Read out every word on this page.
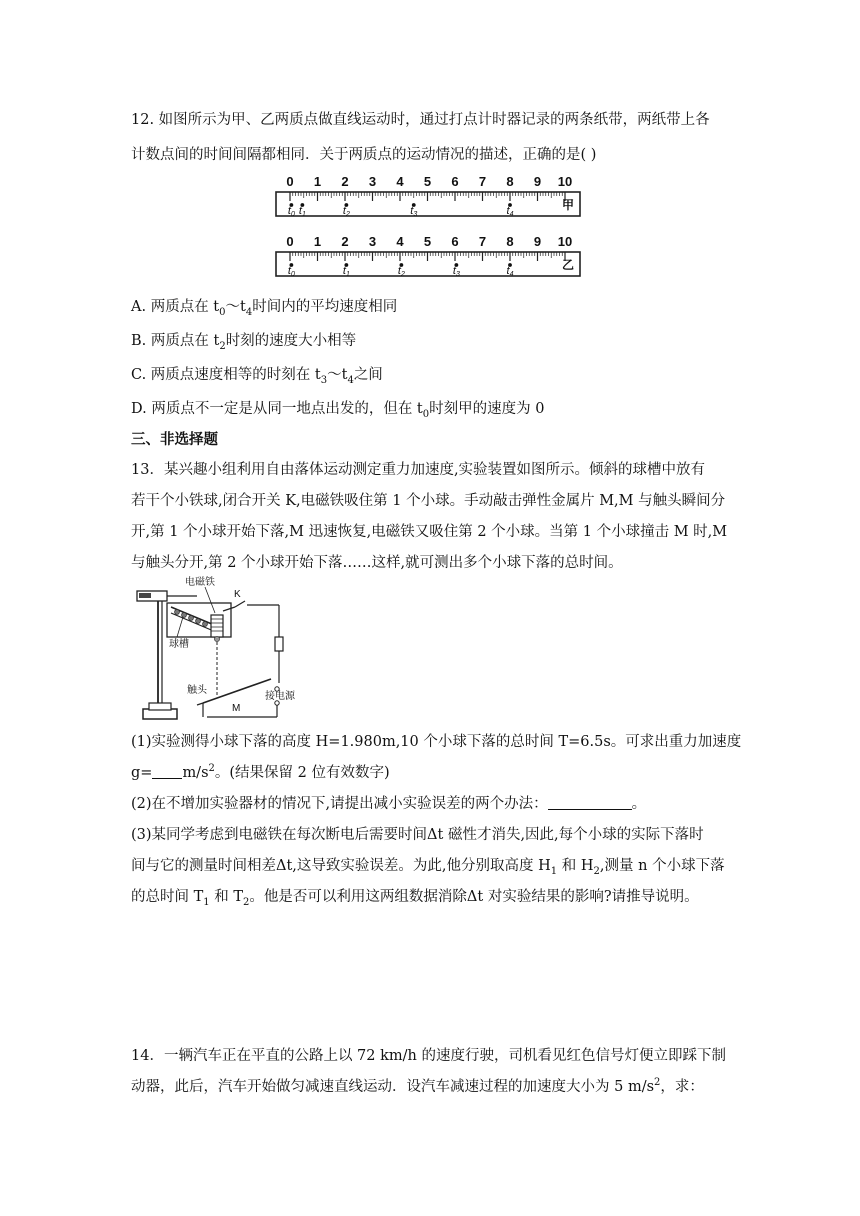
12. 如图所示为甲、乙两质点做直线运动时，通过打点计时器记录的两条纸带，两纸带上各
计数点间的时间间隔都相同．关于两质点的运动情况的描述，正确的是( )
0 1 2 3 4 5 6 7 8 9 10
t0 t1	t2	t3	t4
甲
0 1 2 3 4 5 6 7 8 9 10
t0	t1	t2	t3	t4
乙
A. 两质点在 $t_0\sim t_4$时间内的平均速度相同
B. 两质点在 $t_2$时刻的速度大小相等
C. 两质点速度相等的时刻在 $t_3\sim t_4$之间
D. 两质点不一定是从同一地点出发的，但在 $t_0$时刻甲的速度为 0
三、非选择题
13．某兴趣小组利用自由落体运动测定重力加速度,实验装置如图所示。倾斜的球槽中放有
若干个小铁球,闭合开关 K,电磁铁吸住第 1 个小球。手动敲击弹性金属片 M,M 与触头瞬间分
开,第 1 个小球开始下落,M 迅速恢复,电磁铁又吸住第 2 个小球。当第 1 个小球撞击 M 时,M
与触头分开,第 2 个小球开始下落……这样,就可测出多个小球下落的总时间。
电磁铁
K
球槽
触头
M
接电源
(1)实验测得小球下落的高度 H=1.980m,10 个小球下落的总时间 T=6.5s。可求出重力加速度
$g= m/s^2$。(结果保留 2 位有效数字)
(2)在不增加实验器材的情况下,请提出减小实验误差的两个办法：	。
(3)某同学考虑到电磁铁在每次断电后需要时间Δt 磁性才消失,因此,每个小球的实际下落时
间与它的测量时间相差Δt,这导致实验误差。为此,他分别取高度 $H_1$ 和 $H_2$,测量 n 个小球下落
的总时间 $T_1$ 和 $T_2$。他是否可以利用这两组数据消除Δt 对实验结果的影响?请推导说明。
14．一辆汽车正在平直的公路上以 72 km/h 的速度行驶，司机看见红色信号灯便立即踩下制
动器，此后，汽车开始做匀减速直线运动．设汽车减速过程的加速度大小为 5 $m/s^2$，求：
